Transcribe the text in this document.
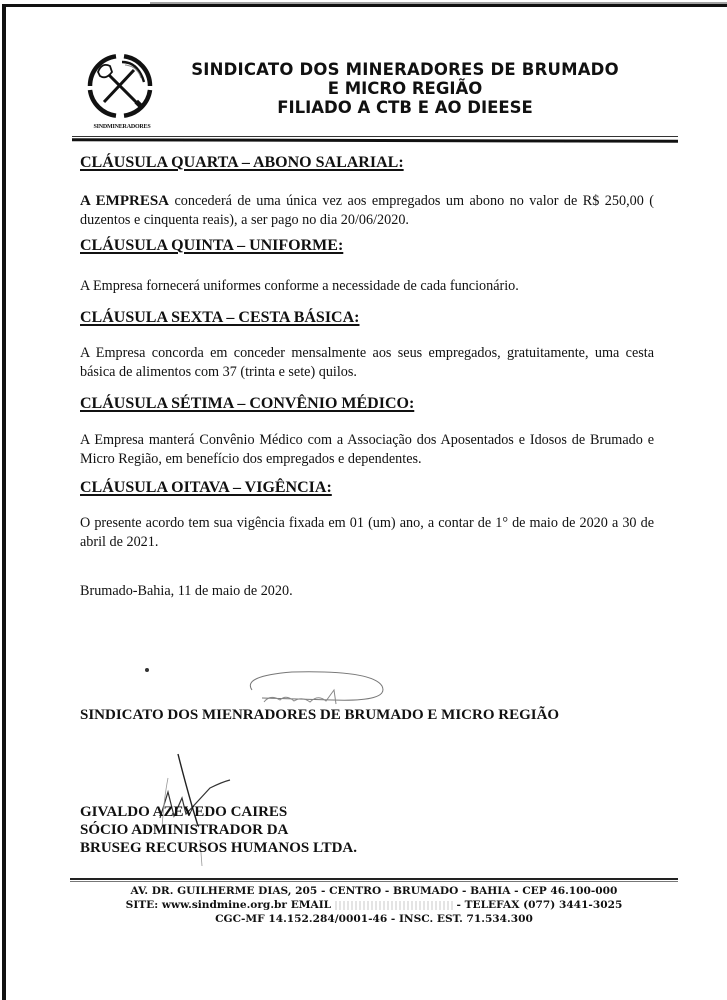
SINDMINERADORES
SINDICATO DOS MINERADORES DE BRUMADO
E MICRO REGIÃO
FILIADO A CTB E AO DIEESE
CLÁUSULA QUARTA – ABONO SALARIAL:
A EMPRESA concederá de uma única vez aos empregados um abono no valor de R$ 250,00 ( duzentos e cinquenta reais), a ser pago no dia 20/06/2020.
CLÁUSULA QUINTA – UNIFORME:
A Empresa fornecerá uniformes conforme a necessidade de cada funcionário.
CLÁUSULA SEXTA – CESTA BÁSICA:
A Empresa concorda em conceder mensalmente aos seus empregados, gratuitamente, uma cesta básica de alimentos com 37 (trinta e sete) quilos.
CLÁUSULA SÉTIMA – CONVÊNIO MÉDICO:
A Empresa manterá Convênio Médico com a Associação dos Aposentados e Idosos de Brumado e Micro Região, em benefício dos empregados e dependentes.
CLÁUSULA OITAVA – VIGÊNCIA:
O presente acordo tem sua vigência fixada em 01 (um) ano, a contar de 1° de maio de 2020 a 30 de abril de 2021.
Brumado-Bahia, 11 de maio de 2020.
SINDICATO DOS MIENRADORES DE BRUMADO E MICRO REGIÃO
GIVALDO AZEVEDO CAIRES
SÓCIO ADMINISTRADOR DA
BRUSEG RECURSOS HUMANOS LTDA.
AV. DR. GUILHERME DIAS, 205 - CENTRO - BRUMADO - BAHIA - CEP 46.100-000
SITE: www.sindmine.org.br EMAIL	- TELEFAX (077) 3441-3025
CGC-MF 14.152.284/0001-46 - INSC. EST. 71.534.300
